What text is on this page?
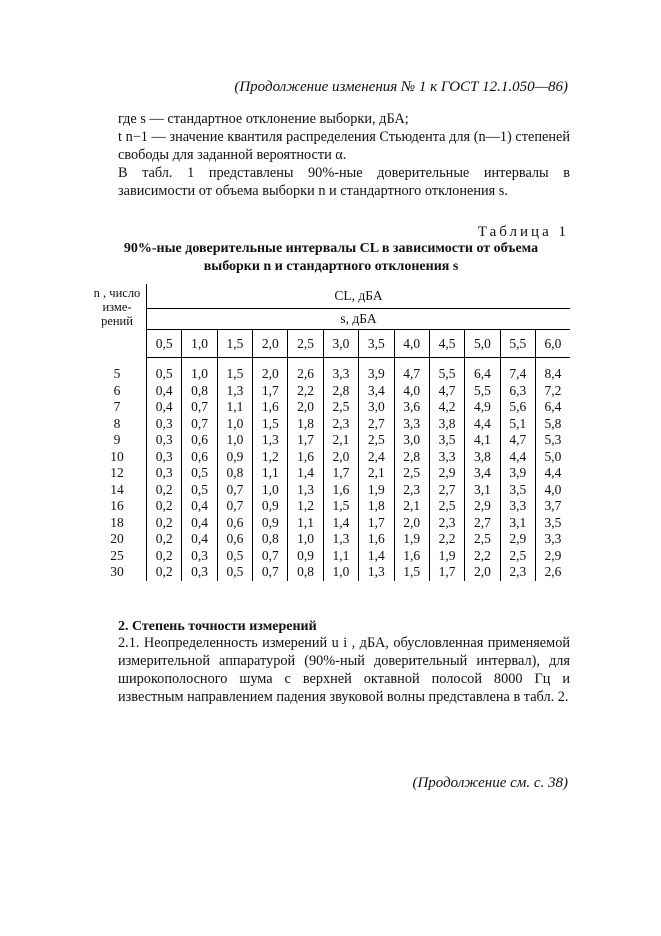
(Продолжение изменения № 1 к ГОСТ 12.1.050—86)
где s — стандартное отклонение выборки, дБА;
t n−1 — значение квантиля распределения Стьюдента для (n—1) степеней свободы для заданной вероятности α.
В табл. 1 представлены 90%-ные доверительные интервалы в зависимости от объема выборки n и стандартного отклонения s.
Таблица 1
90%-ные доверительные интервалы CL в зависимости от объема
выборки n и стандартного отклонения s
n , число изме- рений	CL, дБА											
	s, дБА											
	0,5	1,0	1,5	2,0	2,5	3,0	3,5	4,0	4,5	5,0	5,5	6,0

5	0,5	1,0	1,5	2,0	2,6	3,3	3,9	4,7	5,5	6,4	7,4	8,4
6	0,4	0,8	1,3	1,7	2,2	2,8	3,4	4,0	4,7	5,5	6,3	7,2
7	0,4	0,7	1,1	1,6	2,0	2,5	3,0	3,6	4,2	4,9	5,6	6,4
8	0,3	0,7	1,0	1,5	1,8	2,3	2,7	3,3	3,8	4,4	5,1	5,8
9	0,3	0,6	1,0	1,3	1,7	2,1	2,5	3,0	3,5	4,1	4,7	5,3
10	0,3	0,6	0,9	1,2	1,6	2,0	2,4	2,8	3,3	3,8	4,4	5,0
12	0,3	0,5	0,8	1,1	1,4	1,7	2,1	2,5	2,9	3,4	3,9	4,4
14	0,2	0,5	0,7	1,0	1,3	1,6	1,9	2,3	2,7	3,1	3,5	4,0
16	0,2	0,4	0,7	0,9	1,2	1,5	1,8	2,1	2,5	2,9	3,3	3,7
18	0,2	0,4	0,6	0,9	1,1	1,4	1,7	2,0	2,3	2,7	3,1	3,5
20	0,2	0,4	0,6	0,8	1,0	1,3	1,6	1,9	2,2	2,5	2,9	3,3
25	0,2	0,3	0,5	0,7	0,9	1,1	1,4	1,6	1,9	2,2	2,5	2,9
30	0,2	0,3	0,5	0,7	0,8	1,0	1,3	1,5	1,7	2,0	2,3	2,6
2. Степень точности измерений
2.1. Неопределенность измерений u i , дБА, обусловленная применяемой измерительной аппаратурой (90%-ный доверительный интервал), для широкополосного шума с верхней октавной полосой 8000 Гц и известным направлением падения звуковой волны представлена в табл. 2.
(Продолжение см. с. 38)
